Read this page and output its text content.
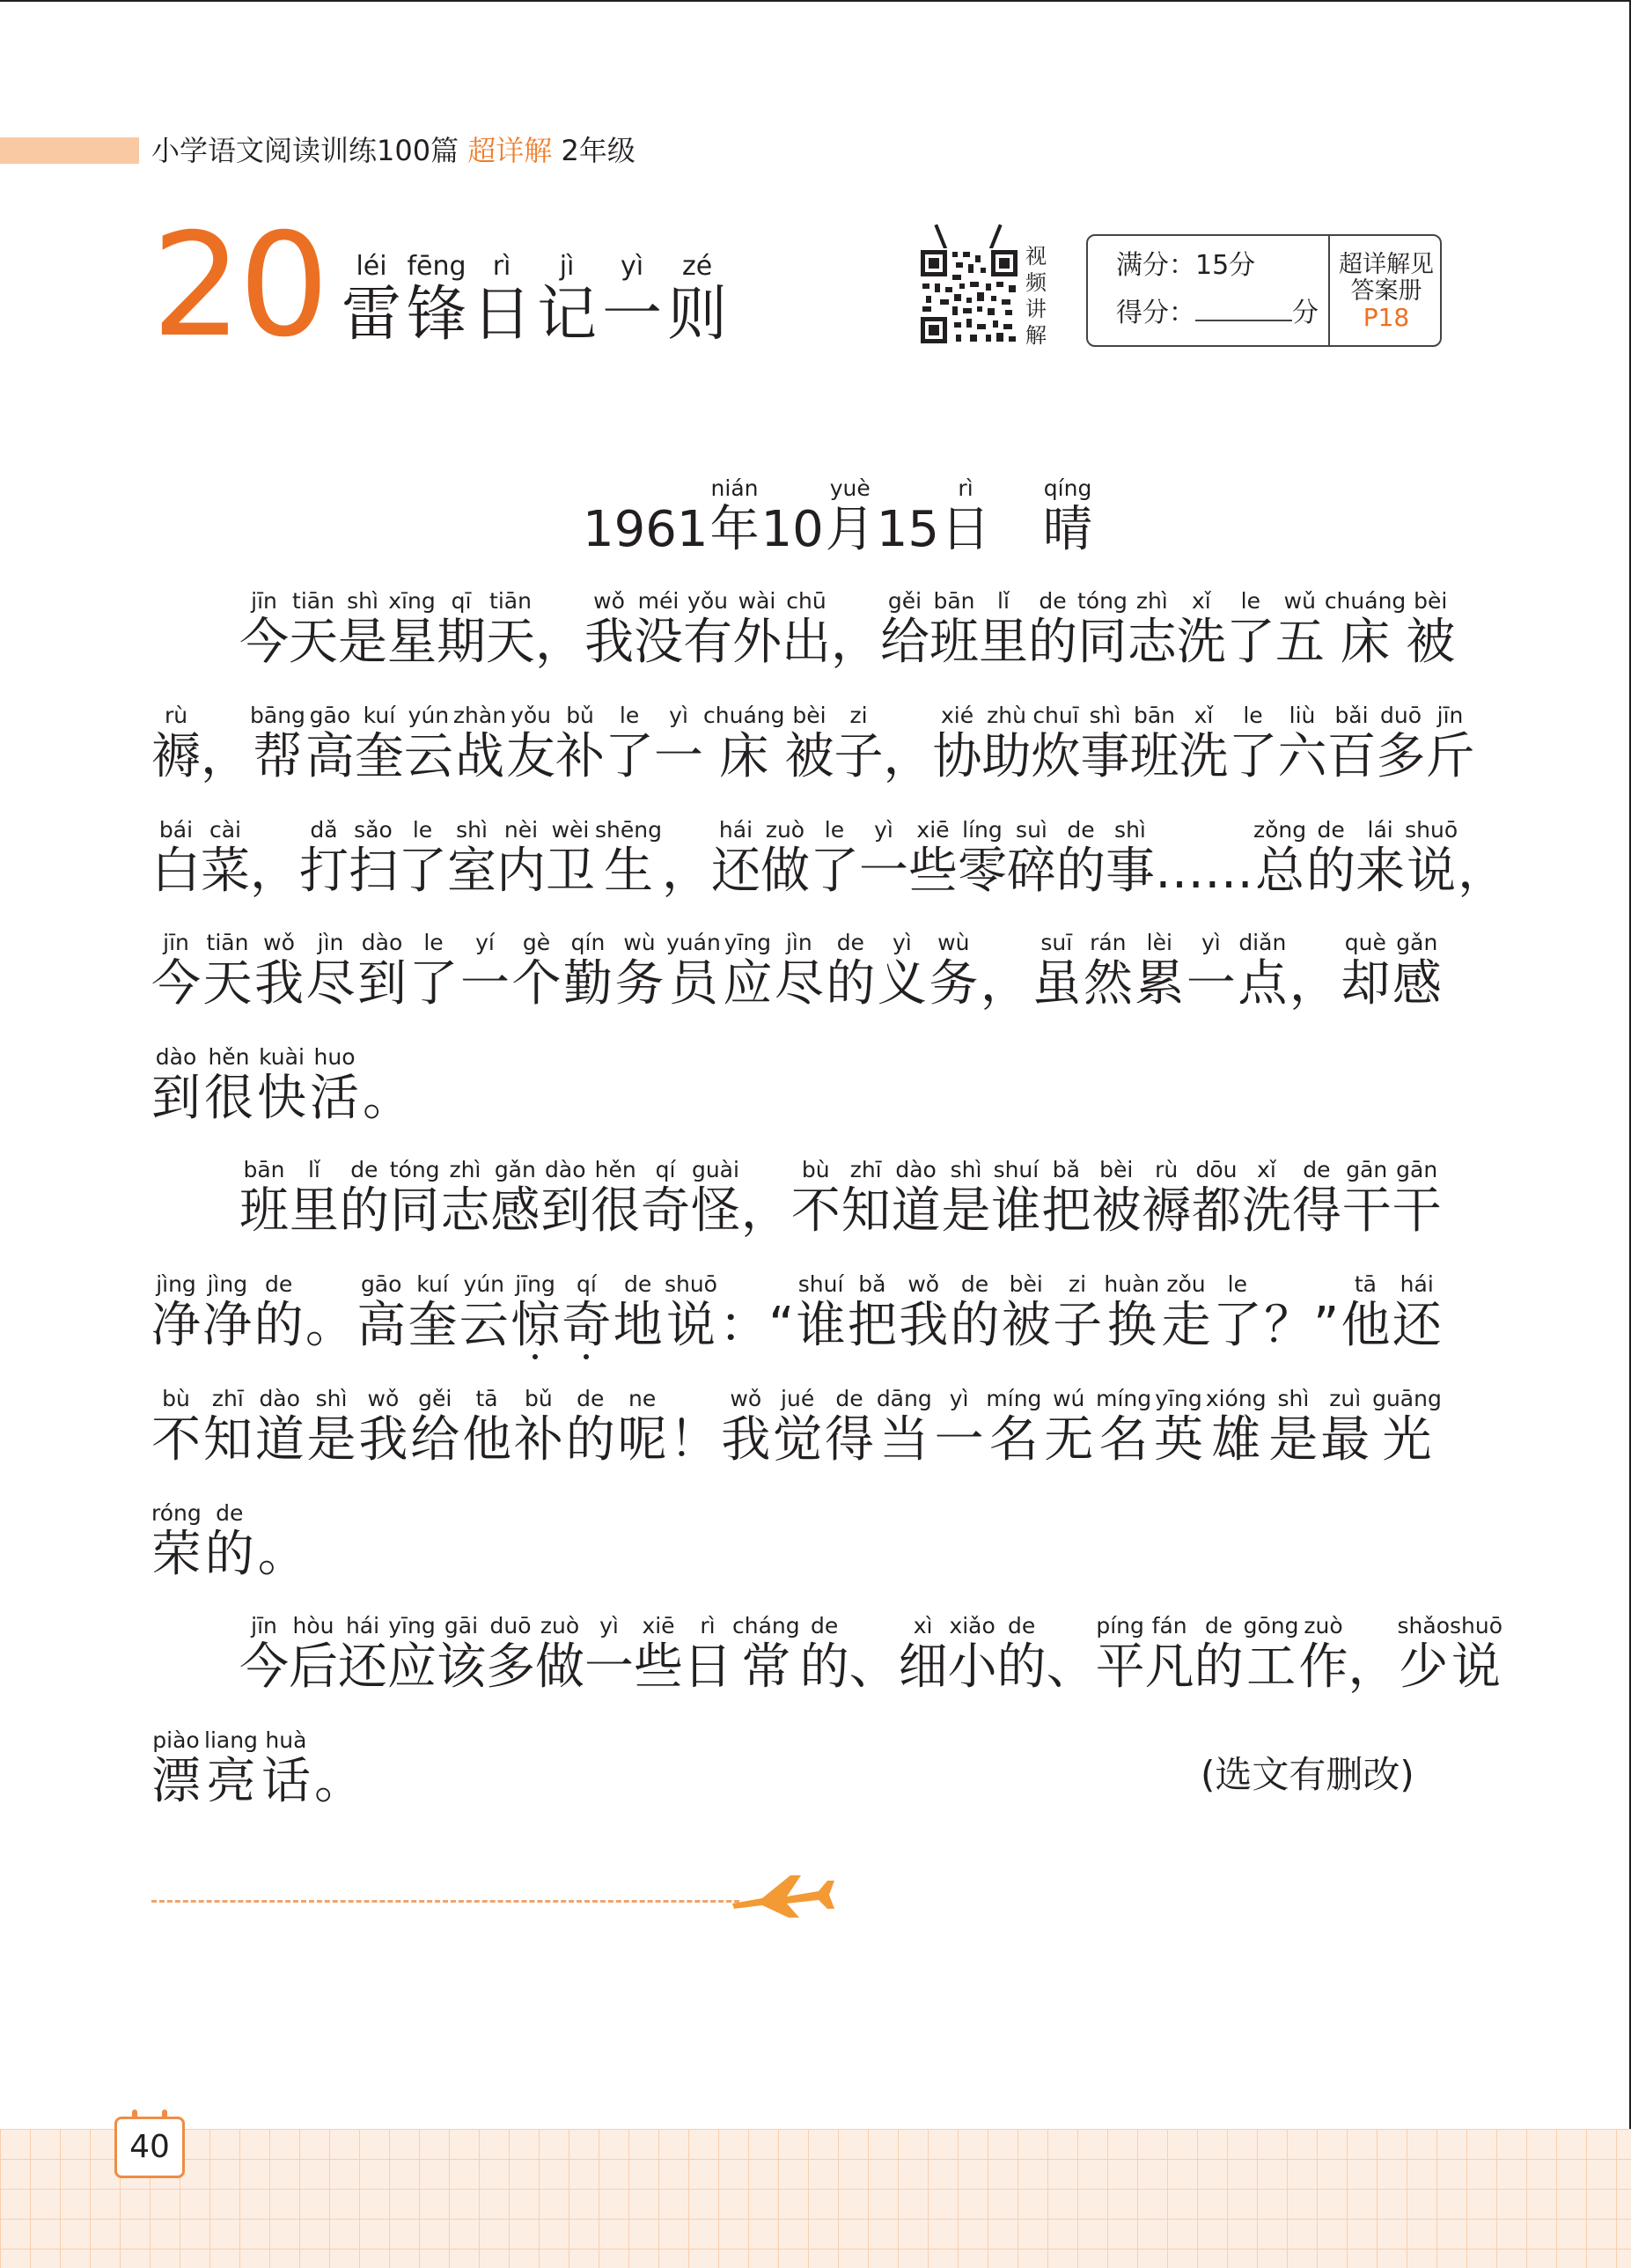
小学语文阅读训练100篇 超详解 2年级
20 léi
雷
fēng
锋
rì
日
jì
记
yì
一
zé
则
视
频
讲
解
满分：15分
得分：	分
超详解见
答案册
P18
1961
nián
年 10
yuè
月 15
rì
日

qíng
晴
jīn
今
tiān
天
shì
是
xīng
星
qī
期
tiān
天 ，
wǒ
我
méi
没
yǒu
有
wài
外
chū
出 ，
gěi
给
bān
班
lǐ
里
de
的
tóng
同
zhì
志
xǐ
洗
le
了
wǔ
五
chuáng
床
bèi
被
rù
褥 ，
bāng
帮
gāo
高
kuí
奎
yún
云
zhàn
战
yǒu
友
bǔ
补
le
了
yì
一
chuáng
床
bèi
被
zi
子 ，
xié
协
zhù
助
chuī
炊
shì
事
bān
班
xǐ
洗
le
了
liù
六
bǎi
百
duō
多
jīn
斤
bái
白
cài
菜 ，
dǎ
打
sǎo
扫
le
了
shì
室
nèi
内
wèi
卫
shēng
生 ，
hái
还
zuò
做
le
了
yì
一
xiē
些
líng
零
suì
碎
de
的
shì
事 ……
zǒng
总
de
的
lái
来
shuō
说 ，
jīn
今
tiān
天
wǒ
我
jìn
尽
dào
到
le
了
yí
一
gè
个
qín
勤
wù
务
yuán
员
yīng
应
jìn
尽
de
的
yì
义
wù
务 ，
suī
虽
rán
然
lèi
累
yì
一
diǎn
点 ，
què
却
gǎn
感
dào
到
hěn
很
kuài
快
huo
活 。
bān
班
lǐ
里
de
的
tóng
同
zhì
志
gǎn
感
dào
到
hěn
很
qí
奇
guài
怪 ，
bù
不
zhī
知
dào
道
shì
是
shuí
谁
bǎ
把
bèi
被
rù
褥
dōu
都
xǐ
洗
de
得
gān
干
gān
干
jìng
净
jìng
净
de
的 。
gāo
高
kuí
奎
yún
云
jīng
惊
qí
奇
de
地
shuō
说 ：“
shuí
谁
bǎ
把
wǒ
我
de
的
bèi
被
zi
子
huàn
换
zǒu
走
le
了 ？”
tā
他
hái
还
bù
不
zhī
知
dào
道
shì
是
wǒ
我
gěi
给
tā
他
bǔ
补
de
的
ne
呢 ！
wǒ
我
jué
觉
de
得
dāng
当
yì
一
míng
名
wú
无
míng
名
yīng
英
xióng
雄
shì
是
zuì
最
guāng
光
róng
荣
de
的 。
jīn
今
hòu
后
hái
还
yīng
应
gāi
该
duō
多
zuò
做
yì
一
xiē
些
rì
日
cháng
常
de
的 、
xì
细
xiǎo
小
de
的 、
píng
平
fán
凡
de
的
gōng
工
zuò
作 ，
shǎo
少
shuō
说
piào
漂
liang
亮
huà
话 。	(选文有删改)
40
